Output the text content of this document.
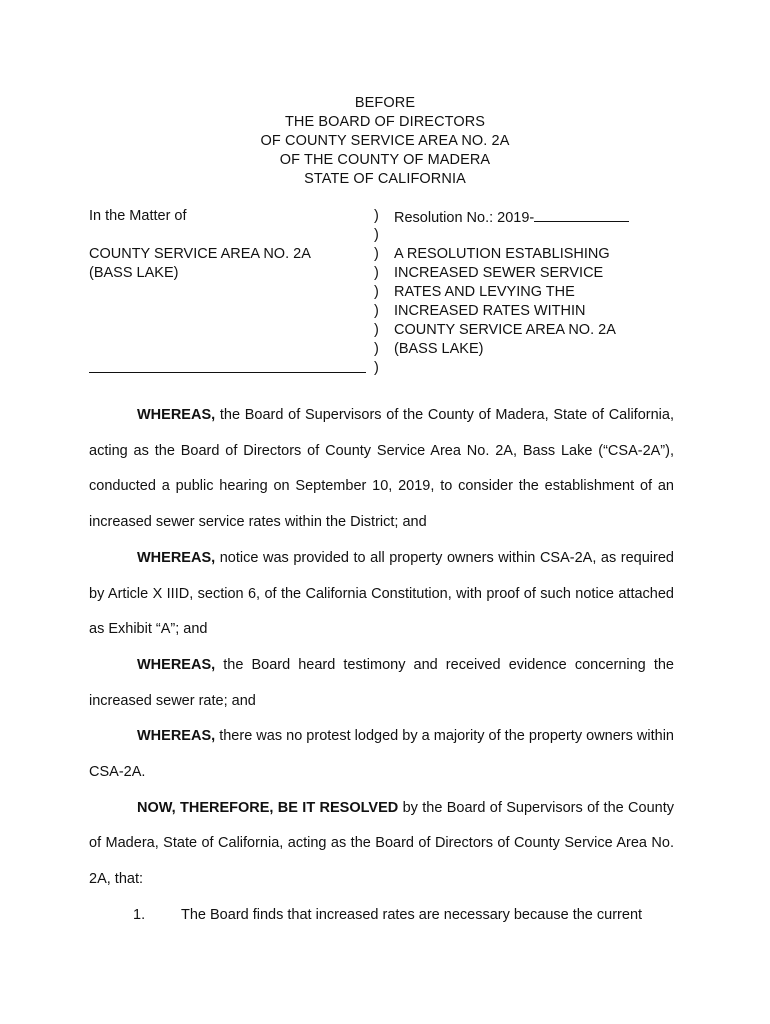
BEFORE
THE BOARD OF DIRECTORS
OF COUNTY SERVICE AREA NO. 2A
OF THE COUNTY OF MADERA
STATE OF CALIFORNIA
In the Matter of
COUNTY SERVICE AREA NO. 2A
(BASS LAKE)
)
)
)
)
)
)
)
)
)
Resolution No.: 2019-
A RESOLUTION ESTABLISHING
INCREASED SEWER SERVICE
RATES AND LEVYING THE
INCREASED RATES WITHIN
COUNTY SERVICE AREA NO. 2A
(BASS LAKE)

WHEREAS, the Board of Supervisors of the County of Madera, State of California, acting as the Board of Directors of County Service Area No. 2A, Bass Lake (“CSA-2A”), conducted a public hearing on September 10, 2019, to consider the establishment of an increased sewer service rates within the District; and

WHEREAS, notice was provided to all property owners within CSA-2A, as required by Article X IIID, section 6, of the California Constitution, with proof of such notice attached as Exhibit “A”; and

WHEREAS, the Board heard testimony and received evidence concerning the increased sewer rate; and

WHEREAS, there was no protest lodged by a majority of the property owners within CSA-2A.

NOW, THEREFORE, BE IT RESOLVED by the Board of Supervisors of the County of Madera, State of California, acting as the Board of Directors of County Service Area No. 2A, that:

1. The Board finds that increased rates are necessary because the current
